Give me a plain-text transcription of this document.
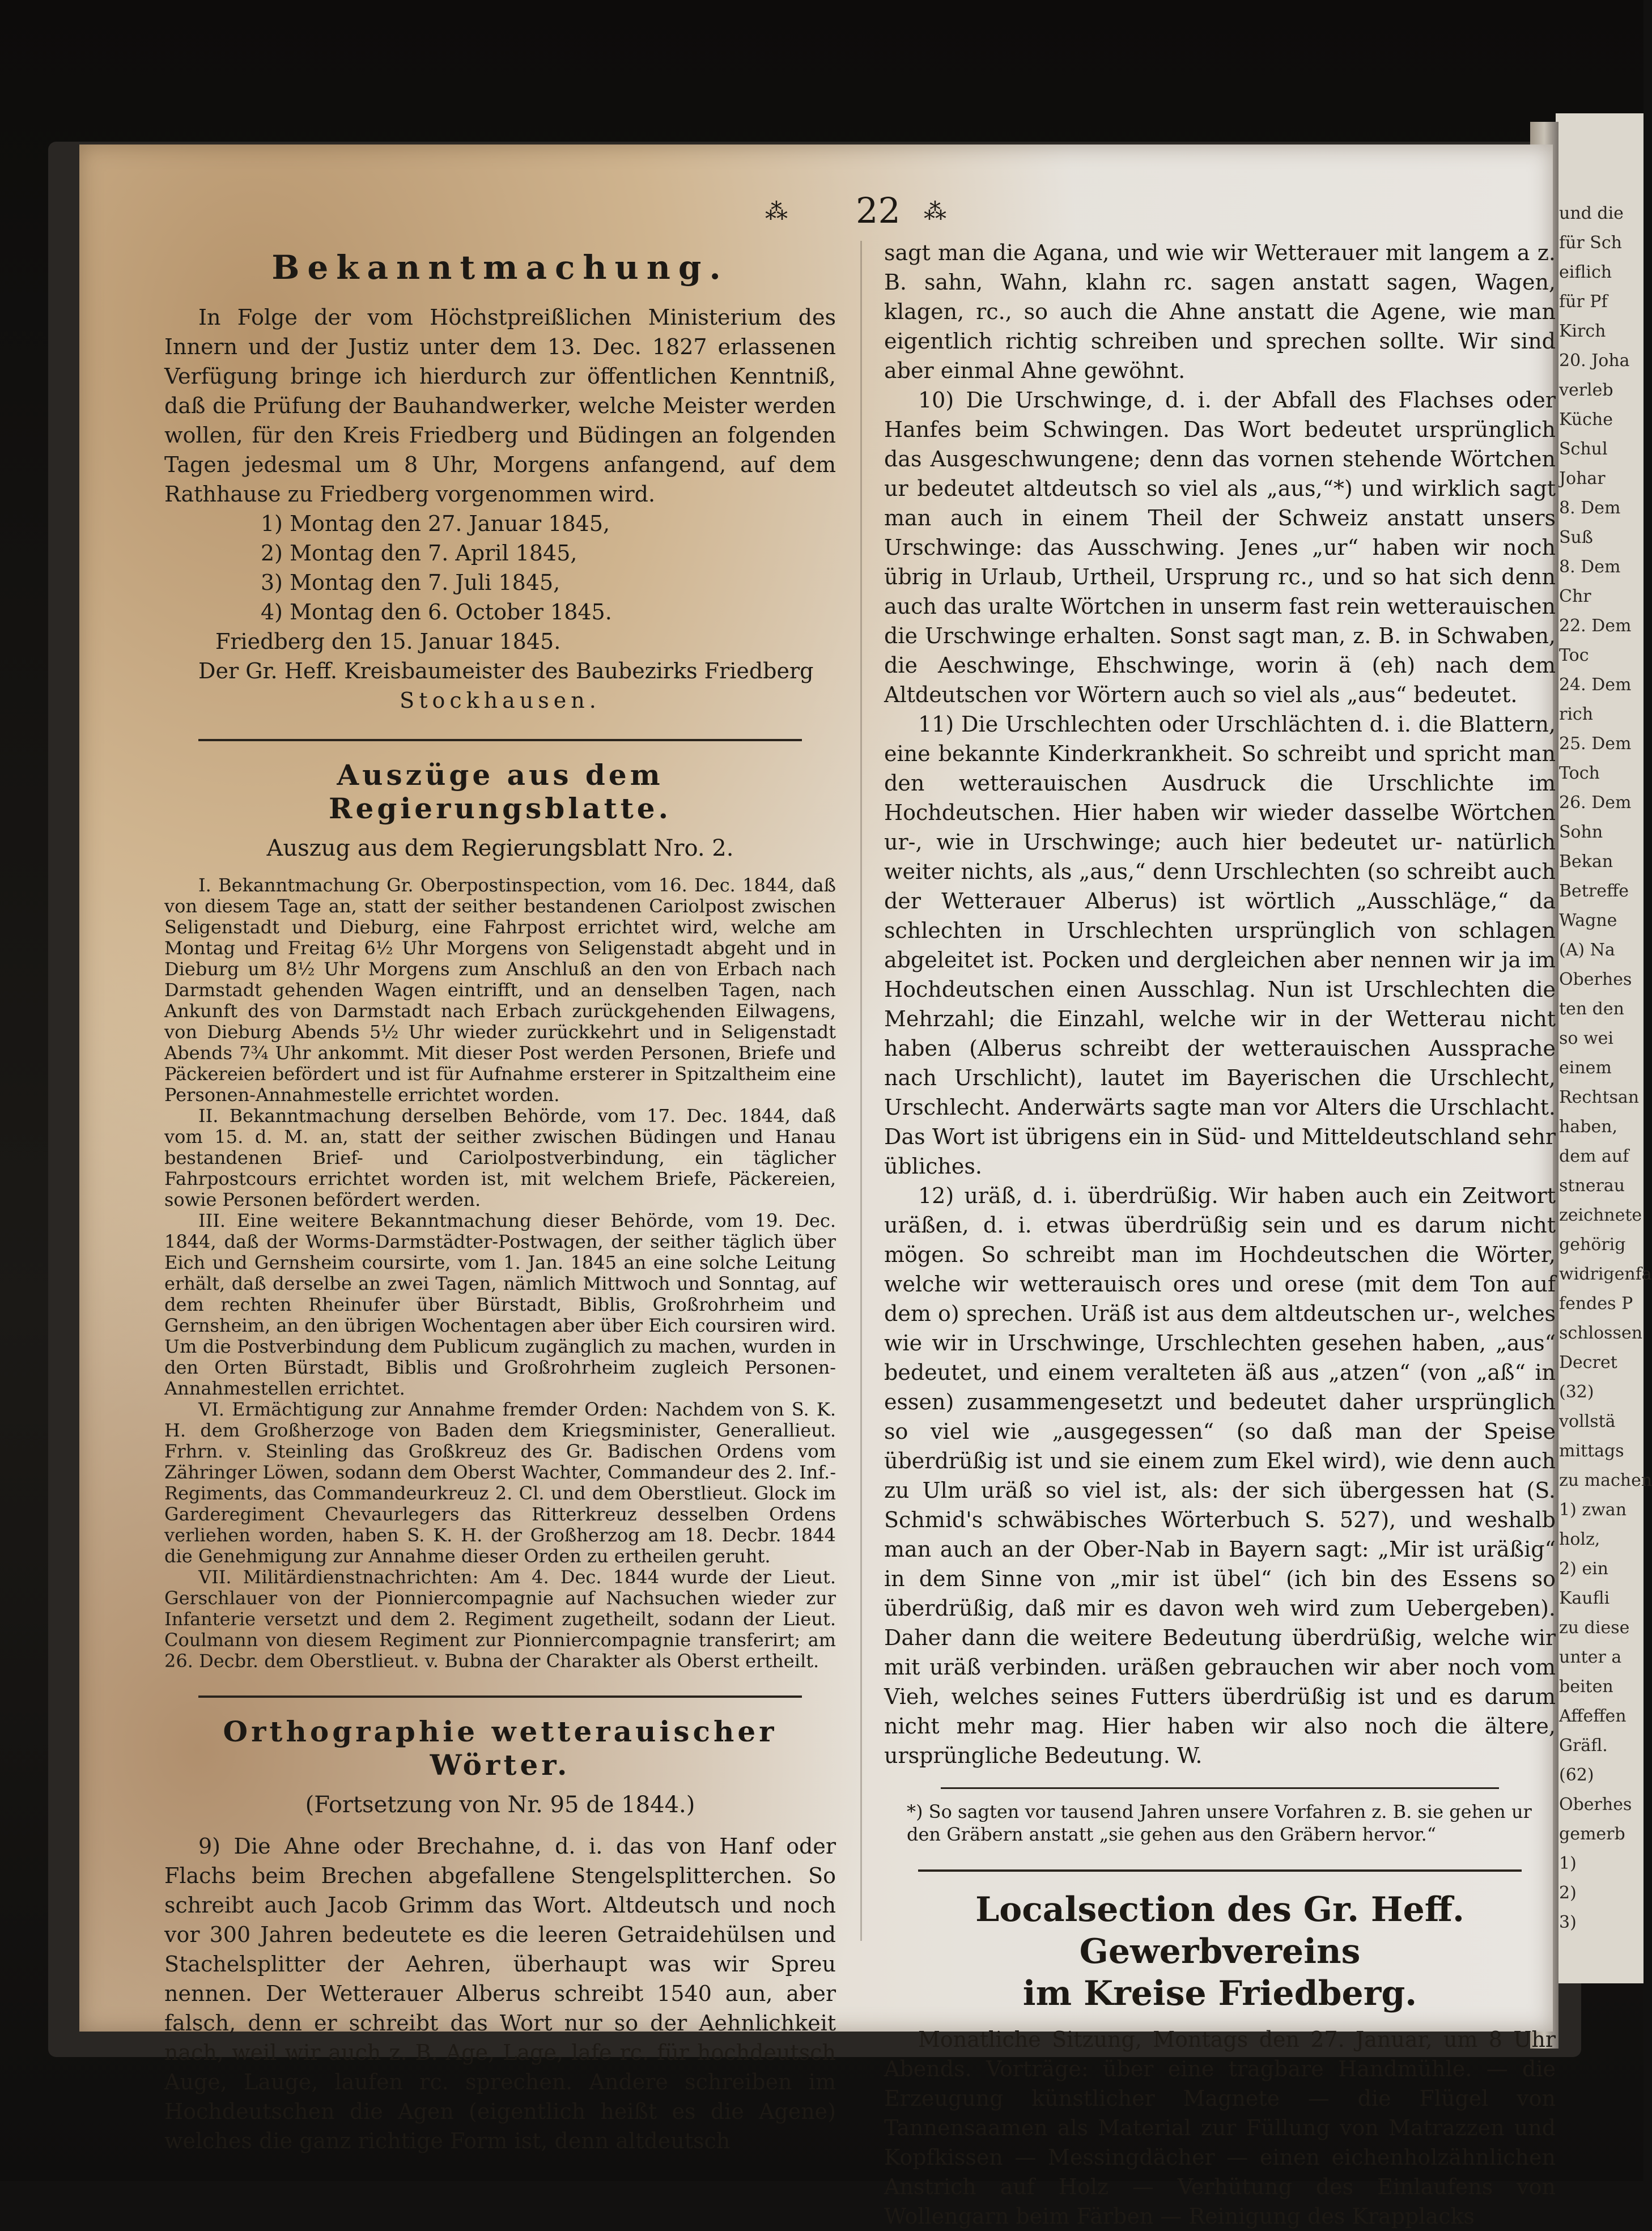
und die
für Sch
eiflich
für Pf
Kirch
20. Joha
verleb
Küche
Schul
Johar
8. Dem
Suß
8. Dem
Chr
22. Dem
Toc
24. Dem
rich
25. Dem
Toch
26. Dem
Sohn
Bekan
Betreffe
Wagne
(A) Na
Oberhes
ten den
so wei
einem
Rechtsan
haben,
dem auf
stnerau
zeichnete
gehörig
widrigenfa
fendes P
schlossen
Decret
(32)
vollstä
mittags
zu machen
1) zwan
holz,
2) ein
Kaufli
zu diese
unter a
beiten
Affeffen
Gräfl.
(62)
Oberhes
gemerb
1)
2)
3)
⁂ 22 ⁂
Bekanntmachung.

In Folge der vom Höchstpreißlichen Ministerium des Innern und der Justiz unter dem 13. Dec. 1827 erlassenen Verfügung bringe ich hierdurch zur öffentlichen Kenntniß, daß die Prüfung der Bauhandwerker, welche Meister werden wollen, für den Kreis Friedberg und Büdingen an folgenden Tagen jedesmal um 8 Uhr, Morgens anfangend, auf dem Rathhause zu Friedberg vorgenommen wird.

1) Montag den 27. Januar 1845,

2) Montag den 7. April 1845,

3) Montag den 7. Juli 1845,

4) Montag den 6. October 1845.

Friedberg den 15. Januar 1845.

Der Gr. Heff. Kreisbaumeister des Baubezirks Friedberg

Stockhausen.

Auszüge aus dem Regierungsblatte.
Auszug aus dem Regierungsblatt Nro. 2.

I. Bekanntmachung Gr. Oberpostinspection, vom 16. Dec. 1844, daß von diesem Tage an, statt der seither bestandenen Cariolpost zwischen Seligenstadt und Dieburg, eine Fahrpost errichtet wird, welche am Montag und Freitag 6½ Uhr Morgens von Seligenstadt abgeht und in Dieburg um 8½ Uhr Morgens zum Anschluß an den von Erbach nach Darmstadt gehenden Wagen eintrifft, und an denselben Tagen, nach Ankunft des von Darmstadt nach Erbach zurückgehenden Eilwagens, von Dieburg Abends 5½ Uhr wieder zurückkehrt und in Seligenstadt Abends 7¾ Uhr ankommt. Mit dieser Post werden Personen, Briefe und Päckereien befördert und ist für Aufnahme ersterer in Spitzaltheim eine Personen-Annahmestelle errichtet worden.

II. Bekanntmachung derselben Behörde, vom 17. Dec. 1844, daß vom 15. d. M. an, statt der seither zwischen Büdingen und Hanau bestandenen Brief- und Cariolpostverbindung, ein täglicher Fahrpostcours errichtet worden ist, mit welchem Briefe, Päckereien, sowie Personen befördert werden.

III. Eine weitere Bekanntmachung dieser Behörde, vom 19. Dec. 1844, daß der Worms-Darmstädter-Postwagen, der seither täglich über Eich und Gernsheim coursirte, vom 1. Jan. 1845 an eine solche Leitung erhält, daß derselbe an zwei Tagen, nämlich Mittwoch und Sonntag, auf dem rechten Rheinufer über Bürstadt, Biblis, Großrohrheim und Gernsheim, an den übrigen Wochentagen aber über Eich coursiren wird. Um die Postverbindung dem Publicum zugänglich zu machen, wurden in den Orten Bürstadt, Biblis und Großrohrheim zugleich Personen-Annahmestellen errichtet.

VI. Ermächtigung zur Annahme fremder Orden: Nachdem von S. K. H. dem Großherzoge von Baden dem Kriegsminister, Generallieut. Frhrn. v. Steinling das Großkreuz des Gr. Badischen Ordens vom Zähringer Löwen, sodann dem Oberst Wachter, Commandeur des 2. Inf.-Regiments, das Commandeurkreuz 2. Cl. und dem Oberstlieut. Glock im Garderegiment Chevaurlegers das Ritterkreuz desselben Ordens verliehen worden, haben S. K. H. der Großherzog am 18. Decbr. 1844 die Genehmigung zur Annahme dieser Orden zu ertheilen geruht.

VII. Militärdienstnachrichten: Am 4. Dec. 1844 wurde der Lieut. Gerschlauer von der Pionniercompagnie auf Nachsuchen wieder zur Infanterie versetzt und dem 2. Regiment zugetheilt, sodann der Lieut. Coulmann von diesem Regiment zur Pionniercompagnie transferirt; am 26. Decbr. dem Oberstlieut. v. Bubna der Charakter als Oberst ertheilt.

Orthographie wetterauischer Wörter.
(Fortsetzung von Nr. 95 de 1844.)

9) Die Ahne oder Brechahne, d. i. das von Hanf oder Flachs beim Brechen abgefallene Stengelsplitterchen. So schreibt auch Jacob Grimm das Wort. Altdeutsch und noch vor 300 Jahren bedeutete es die leeren Getraidehülsen und Stachelsplitter der Aehren, überhaupt was wir Spreu nennen. Der Wetterauer Alberus schreibt 1540 aun, aber falsch, denn er schreibt das Wort nur so der Aehnlichkeit nach, weil wir auch z. B. Age, Lage, lafe rc. für hochdeutsch Auge, Lauge, laufen rc. sprechen. Andere schreiben im Hochdeutschen die Agen (eigentlich heißt es die Agene) welches die ganz richtige Form ist, denn altdeutsch

sagt man die Agana, und wie wir Wetterauer mit langem a z. B. sahn, Wahn, klahn rc. sagen anstatt sagen, Wagen, klagen, rc., so auch die Ahne anstatt die Agene, wie man eigentlich richtig schreiben und sprechen sollte. Wir sind aber einmal Ahne gewöhnt.

10) Die Urschwinge, d. i. der Abfall des Flachses oder Hanfes beim Schwingen. Das Wort bedeutet ursprünglich das Ausgeschwungene; denn das vornen stehende Wörtchen ur bedeutet altdeutsch so viel als „aus,“*) und wirklich sagt man auch in einem Theil der Schweiz anstatt unsers Urschwinge: das Ausschwing. Jenes „ur“ haben wir noch übrig in Urlaub, Urtheil, Ursprung rc., und so hat sich denn auch das uralte Wörtchen in unserm fast rein wetterauischen die Urschwinge erhalten. Sonst sagt man, z. B. in Schwaben, die Aeschwinge, Ehschwinge, worin ä (eh) nach dem Altdeutschen vor Wörtern auch so viel als „aus“ bedeutet.

11) Die Urschlechten oder Urschlächten d. i. die Blattern, eine bekannte Kinderkrankheit. So schreibt und spricht man den wetterauischen Ausdruck die Urschlichte im Hochdeutschen. Hier haben wir wieder dasselbe Wörtchen ur-, wie in Urschwinge; auch hier bedeutet ur- natürlich weiter nichts, als „aus,“ denn Urschlechten (so schreibt auch der Wetterauer Alberus) ist wörtlich „Ausschläge,“ da schlechten in Urschlechten ursprünglich von schlagen abgeleitet ist. Pocken und dergleichen aber nennen wir ja im Hochdeutschen einen Ausschlag. Nun ist Urschlechten die Mehrzahl; die Einzahl, welche wir in der Wetterau nicht haben (Alberus schreibt der wetterauischen Aussprache nach Urschlicht), lautet im Bayerischen die Urschlecht, Urschlecht. Anderwärts sagte man vor Alters die Urschlacht. Das Wort ist übrigens ein in Süd- und Mitteldeutschland sehr übliches.

12) uräß, d. i. überdrüßig. Wir haben auch ein Zeitwort uräßen, d. i. etwas überdrüßig sein und es darum nicht mögen. So schreibt man im Hochdeutschen die Wörter, welche wir wetterauisch ores und orese (mit dem Ton auf dem o) sprechen. Uräß ist aus dem altdeutschen ur-, welches wie wir in Urschwinge, Urschlechten gesehen haben, „aus“ bedeutet, und einem veralteten äß aus „atzen“ (von „aß“ in essen) zusammengesetzt und bedeutet daher ursprünglich so viel wie „ausgegessen“ (so daß man der Speise überdrüßig ist und sie einem zum Ekel wird), wie denn auch zu Ulm uräß so viel ist, als: der sich übergessen hat (S. Schmid's schwäbisches Wörterbuch S. 527), und weshalb man auch an der Ober-Nab in Bayern sagt: „Mir ist uräßig“ in dem Sinne von „mir ist übel“ (ich bin des Essens so überdrüßig, daß mir es davon weh wird zum Uebergeben). Daher dann die weitere Bedeutung überdrüßig, welche wir mit uräß verbinden. uräßen gebrauchen wir aber noch vom Vieh, welches seines Futters überdrüßig ist und es darum nicht mehr mag. Hier haben wir also noch die ältere, ursprüngliche Bedeutung. W.

*) So sagten vor tausend Jahren unsere Vorfahren z. B. sie gehen ur den Gräbern anstatt „sie gehen aus den Gräbern hervor.“

Localsection des Gr. Heff. Gewerbvereins
im Kreise Friedberg.

Monatliche Sitzung, Montags den 27. Januar, um 8 Uhr Abends. Vorträge: über eine tragbare Handmühle. — die Erzeugung künstlicher Magnete — die Flügel von Tannensaamen als Material zur Füllung von Matrazzen und Kopfkissen — Messingdächer — einen eichenholzähnlichen Anstrich auf Holz — Verhütung des Einlaufens von Wollengarn beim Färben — Reinigung des Krapplacks
